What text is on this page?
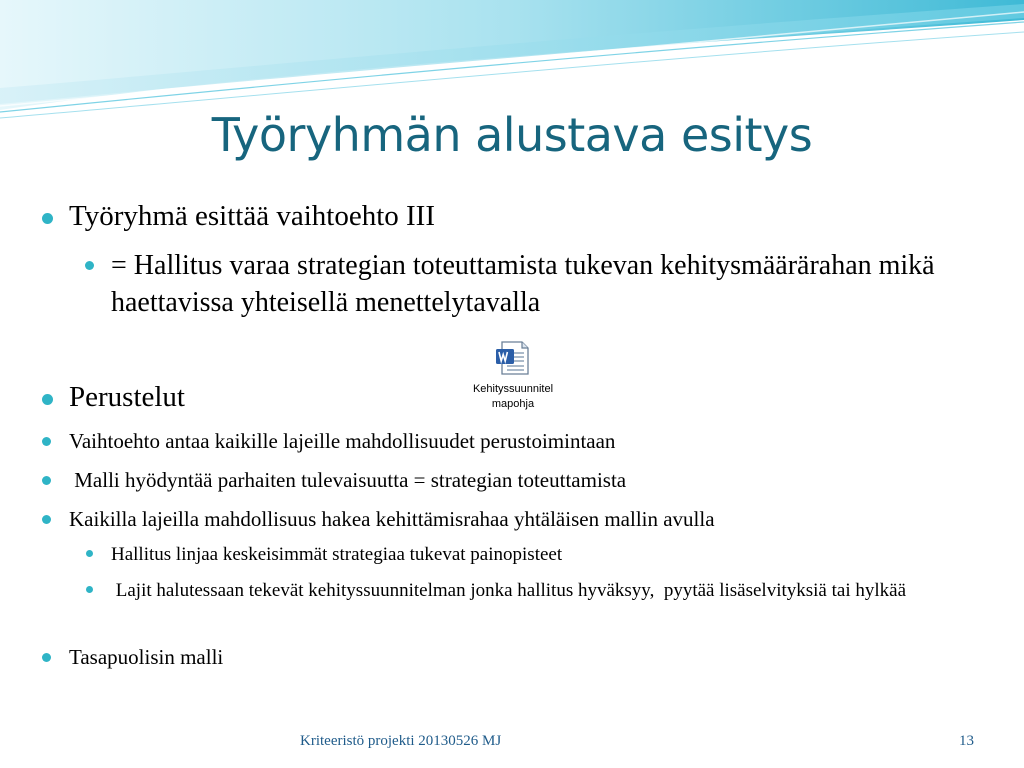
Työryhmän alustava esitys
Työryhmä esittää vaihtoehto III
= Hallitus varaa strategian toteuttamista tukevan kehitysmäärärahan mikä haettavissa yhteisellä menettelytavalla
Perustelut	Kehityssuunnitel
mapohja
Vaihtoehto antaa kaikille lajeille mahdollisuudet perustoimintaan
Malli hyödyntää parhaiten tulevaisuutta = strategian toteuttamista
Kaikilla lajeilla mahdollisuus hakea kehittämisrahaa yhtäläisen mallin avulla
Hallitus linjaa keskeisimmät strategiaa tukevat painopisteet
Lajit halutessaan tekevät kehityssuunnitelman jonka hallitus hyväksyy,  pyytää lisäselvityksiä tai hylkää
Tasapuolisin malli
Kriteeristö projekti 20130526 MJ	13
